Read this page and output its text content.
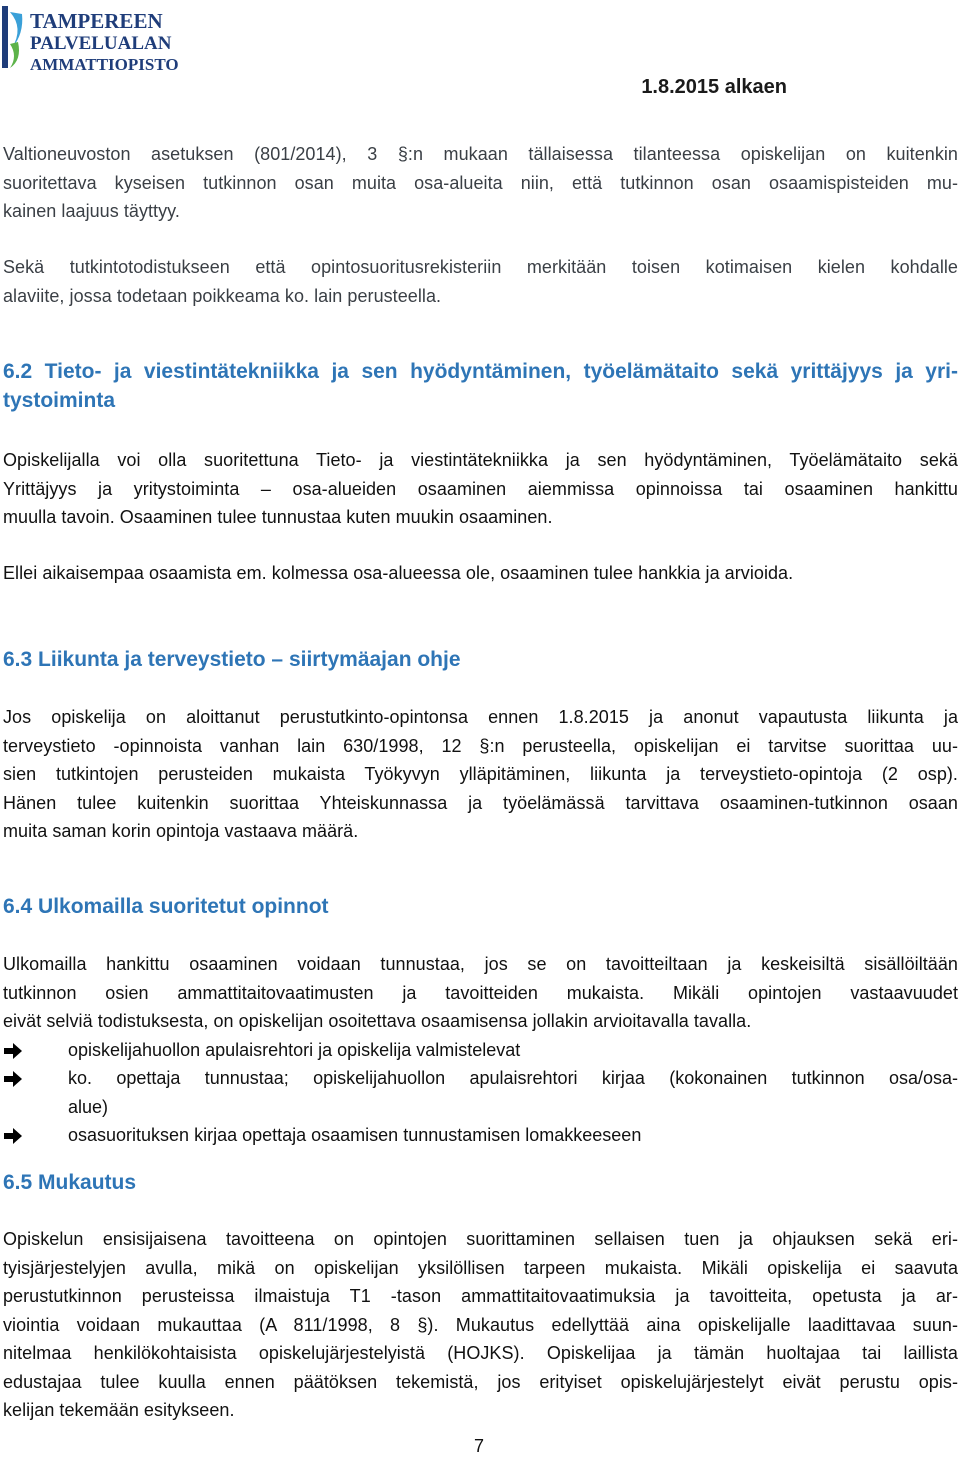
TAMPEREEN
PALVELUALAN
AMMATTIOPISTO
1.8.2015 alkaen
Valtioneuvoston asetuksen (801/2014), 3 §:n mukaan tällaisessa tilanteessa opiskelijan on kuitenkin
suoritettava kyseisen tutkinnon osan muita osa-alueita niin, että tutkinnon osan osaamispisteiden mu-
kainen laajuus täyttyy.
Sekä tutkintotodistukseen että opintosuoritusrekisteriin merkitään toisen kotimaisen kielen kohdalle
alaviite, jossa todetaan poikkeama ko. lain perusteella.
6.2 Tieto- ja viestintätekniikka ja sen hyödyntäminen, työelämätaito sekä yrittäjyys ja yri-
tystoiminta
Opiskelijalla voi olla suoritettuna Tieto- ja viestintätekniikka ja sen hyödyntäminen, Työelämätaito sekä
Yrittäjyys ja yritystoiminta – osa-alueiden osaaminen aiemmissa opinnoissa tai osaaminen hankittu
muulla tavoin. Osaaminen tulee tunnustaa kuten muukin osaaminen.
Ellei aikaisempaa osaamista em. kolmessa osa-alueessa ole, osaaminen tulee hankkia ja arvioida.
6.3 Liikunta ja terveystieto – siirtymäajan ohje
Jos opiskelija on aloittanut perustutkinto-opintonsa ennen 1.8.2015 ja anonut vapautusta liikunta ja
terveystieto -opinnoista vanhan lain 630/1998, 12 §:n perusteella, opiskelijan ei tarvitse suorittaa uu-
sien tutkintojen perusteiden mukaista Työkyvyn ylläpitäminen, liikunta ja terveystieto-opintoja (2 osp).
Hänen tulee kuitenkin suorittaa Yhteiskunnassa ja työelämässä tarvittava osaaminen-tutkinnon osaan
muita saman korin opintoja vastaava määrä.
6.4 Ulkomailla suoritetut opinnot
Ulkomailla hankittu osaaminen voidaan tunnustaa, jos se on tavoitteiltaan ja keskeisiltä sisällöiltään
tutkinnon osien ammattitaitovaatimusten ja tavoitteiden mukaista. Mikäli opintojen vastaavuudet
eivät selviä todistuksesta, on opiskelijan osoitettava osaamisensa jollakin arvioitavalla tavalla.
opiskelijahuollon apulaisrehtori ja opiskelija valmistelevat
ko. opettaja tunnustaa; opiskelijahuollon apulaisrehtori kirjaa (kokonainen tutkinnon osa/osa-
alue)
osasuorituksen kirjaa opettaja osaamisen tunnustamisen lomakkeeseen
6.5 Mukautus
Opiskelun ensisijaisena tavoitteena on opintojen suorittaminen sellaisen tuen ja ohjauksen sekä eri-
tyisjärjestelyjen avulla, mikä on opiskelijan yksilöllisen tarpeen mukaista. Mikäli opiskelija ei saavuta
perustutkinnon perusteissa ilmaistuja T1 -tason ammattitaitovaatimuksia ja tavoitteita, opetusta ja ar-
viointia voidaan mukauttaa (A 811/1998, 8 §). Mukautus edellyttää aina opiskelijalle laadittavaa suun-
nitelmaa henkilökohtaisista opiskelujärjestelyistä (HOJKS). Opiskelijaa ja tämän huoltajaa tai laillista
edustajaa tulee kuulla ennen päätöksen tekemistä, jos erityiset opiskelujärjestelyt eivät perustu opis-
kelijan tekemään esitykseen.
7
